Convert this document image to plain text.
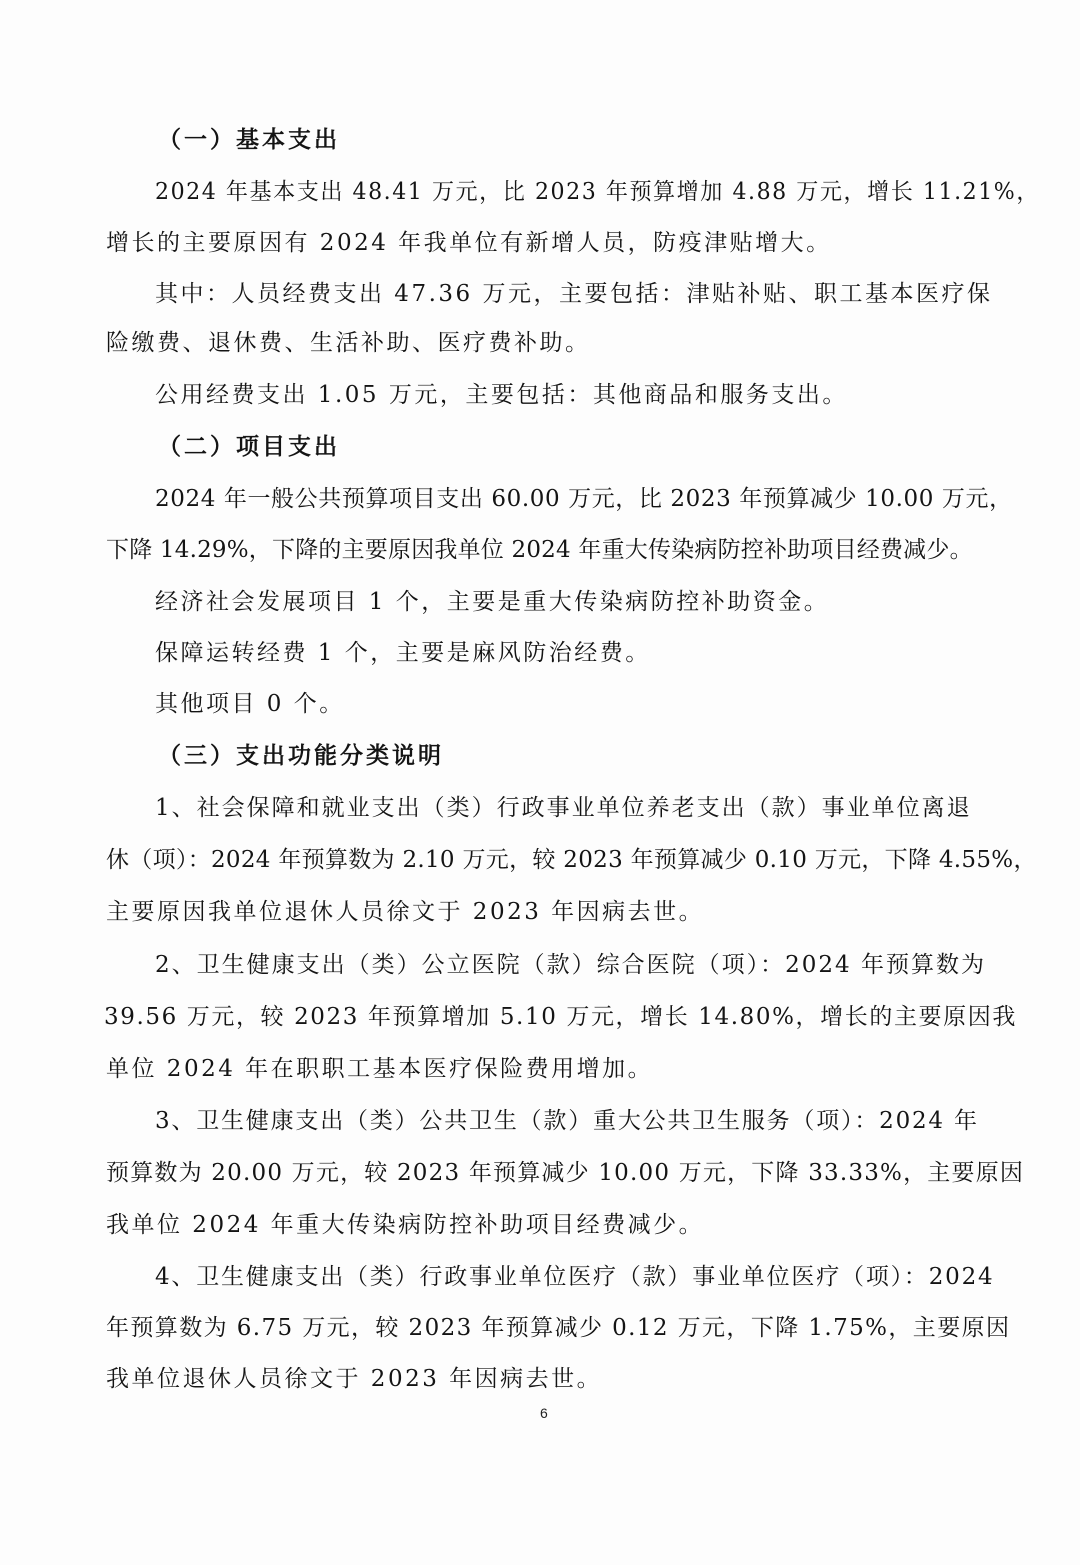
（一）基本支出
2024 年基本支出 48.41 万元，比 2023 年预算增加 4.88 万元，增长 11.21%，
增长的主要原因有 2024 年我单位有新增人员，防疫津贴增大。
其中：人员经费支出 47.36 万元，主要包括：津贴补贴、职工基本医疗保
险缴费、退休费、生活补助、医疗费补助。
公用经费支出 1.05 万元，主要包括：其他商品和服务支出。
（二）项目支出
2024 年一般公共预算项目支出 60.00 万元，比 2023 年预算减少 10.00 万元，
下降 14.29%，下降的主要原因我单位 2024 年重大传染病防控补助项目经费减少。
经济社会发展项目 1 个，主要是重大传染病防控补助资金。
保障运转经费 1 个，主要是麻风防治经费。
其他项目 0 个。
（三）支出功能分类说明
1、社会保障和就业支出（类）行政事业单位养老支出（款）事业单位离退
休（项）：2024 年预算数为 2.10 万元，较 2023 年预算减少 0.10 万元，下降 4.55%，
主要原因我单位退休人员徐文于 2023 年因病去世。
2、卫生健康支出（类）公立医院（款）综合医院（项）：2024 年预算数为
39.56 万元，较 2023 年预算增加 5.10 万元，增长 14.80%，增长的主要原因我
单位 2024 年在职职工基本医疗保险费用增加。
3、卫生健康支出（类）公共卫生（款）重大公共卫生服务（项）：2024 年
预算数为 20.00 万元，较 2023 年预算减少 10.00 万元，下降 33.33%，主要原因
我单位 2024 年重大传染病防控补助项目经费减少。
4、卫生健康支出（类）行政事业单位医疗（款）事业单位医疗（项）：2024
年预算数为 6.75 万元，较 2023 年预算减少 0.12 万元，下降 1.75%，主要原因
我单位退休人员徐文于 2023 年因病去世。
6
